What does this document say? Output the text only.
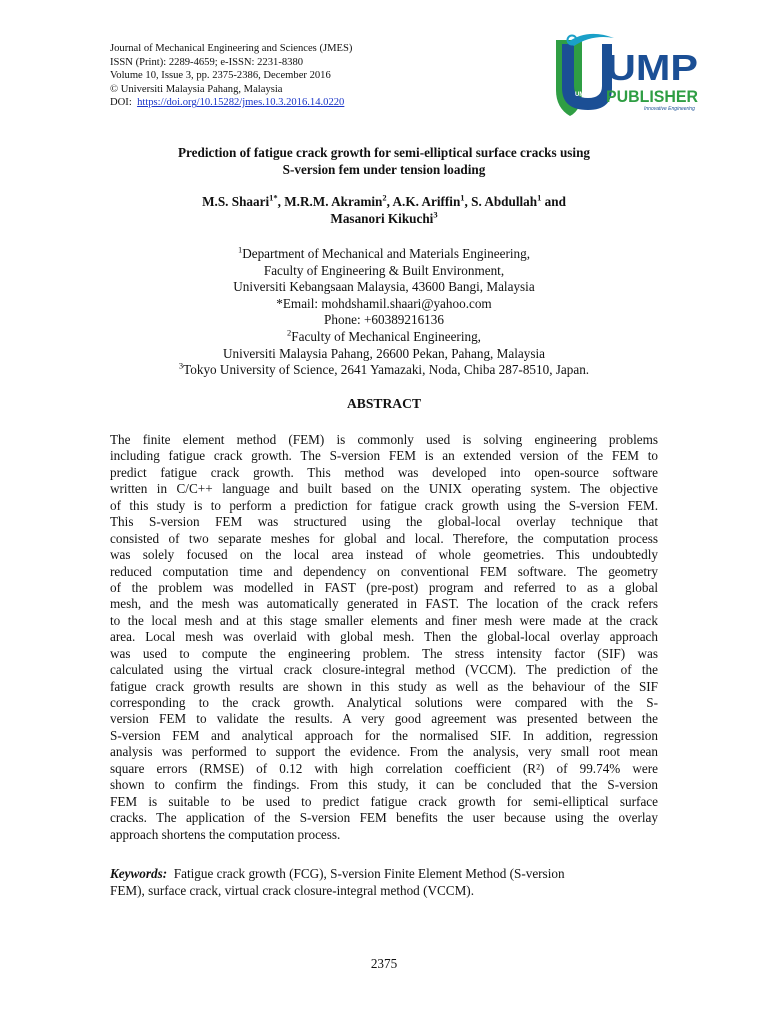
Journal of Mechanical Engineering and Sciences (JMES)
ISSN (Print): 2289-4659; e-ISSN: 2231-8380
Volume 10, Issue 3, pp. 2375-2386, December 2016
© Universiti Malaysia Pahang, Malaysia
DOI: https://doi.org/10.15282/jmes.10.3.2016.14.0220
UMP
UMP
PUBLISHER
Innovative Engineering
Prediction of fatigue crack growth for semi-elliptical surface cracks using
S-version fem under tension loading
M.S. Shaari$^{1*}$, M.R.M. Akramin$^2$, A.K. Ariffin$^1$, S. Abdullah$^1$ and
Masanori Kikuchi$^3$
$^1$Department of Mechanical and Materials Engineering,
Faculty of Engineering & Built Environment,
Universiti Kebangsaan Malaysia, 43600 Bangi, Malaysia
*Email: mohdshamil.shaari@yahoo.com
Phone: +60389216136
$^2$Faculty of Mechanical Engineering,
Universiti Malaysia Pahang, 26600 Pekan, Pahang, Malaysia
$^3$Tokyo University of Science, 2641 Yamazaki, Noda, Chiba 287-8510, Japan.
ABSTRACT
The finite element method (FEM) is commonly used is solving engineering problems
including fatigue crack growth. The S-version FEM is an extended version of the FEM to
predict fatigue crack growth. This method was developed into open-source software
written in C/C++ language and built based on the UNIX operating system. The objective
of this study is to perform a prediction for fatigue crack growth using the S-version FEM.
This S-version FEM was structured using the global-local overlay technique that
consisted of two separate meshes for global and local. Therefore, the computation process
was solely focused on the local area instead of whole geometries. This undoubtedly
reduced computation time and dependency on conventional FEM software. The geometry
of the problem was modelled in FAST (pre-post) program and referred to as a global
mesh, and the mesh was automatically generated in FAST. The location of the crack refers
to the local mesh and at this stage smaller elements and finer mesh were made at the crack
area. Local mesh was overlaid with global mesh. Then the global-local overlay approach
was used to compute the engineering problem. The stress intensity factor (SIF) was
calculated using the virtual crack closure-integral method (VCCM). The prediction of the
fatigue crack growth results are shown in this study as well as the behaviour of the SIF
corresponding to the crack growth. Analytical solutions were compared with the S-
version FEM to validate the results. A very good agreement was presented between the
S-version FEM and analytical approach for the normalised SIF. In addition, regression
analysis was performed to support the evidence. From the analysis, very small root mean
square errors (RMSE) of 0.12 with high correlation coefficient (R²) of 99.74% were
shown to confirm the findings. From this study, it can be concluded that the S-version
FEM is suitable to be used to predict fatigue crack growth for semi-elliptical surface
cracks. The application of the S-version FEM benefits the user because using the overlay
approach shortens the computation process.
Keywords: Fatigue crack growth (FCG), S-version Finite Element Method (S-version
FEM), surface crack, virtual crack closure-integral method (VCCM).
2375
